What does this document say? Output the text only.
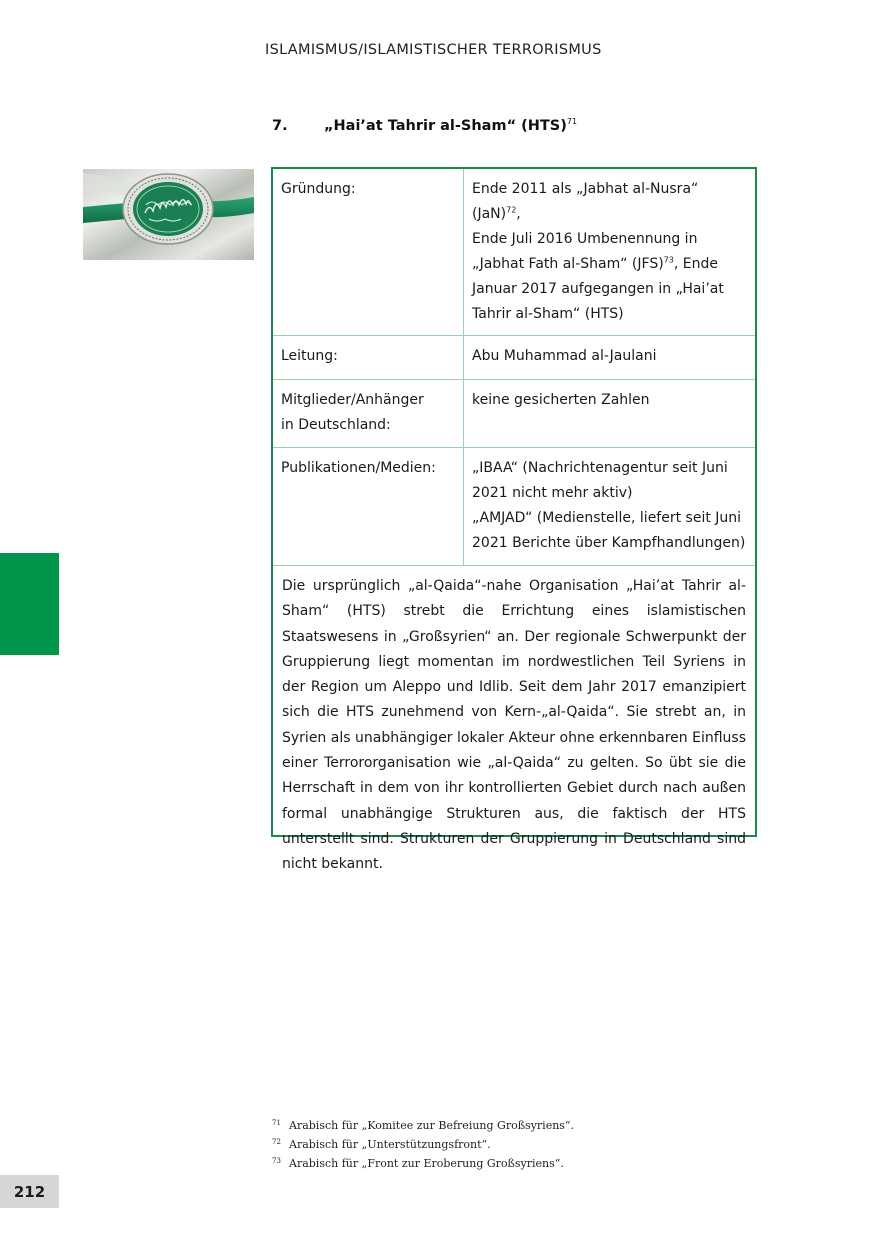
ISLAMISMUS/ISLAMISTISCHER TERRORISMUS
7.	„Hai’at Tahrir al-Sham“ (HTS)$^{71}$
Gründung:	Ende 2011 als „Jabhat al-Nusra“ (JaN)$^{72}$,
Ende Juli 2016 Umbenennung in
„Jabhat Fath al-Sham“ (JFS)$^{73}$, Ende
Januar 2017 aufgegangen in „Hai’at
Tahrir al-Sham“ (HTS)

Leitung:	Abu Muhammad al-Jaulani

Mitglieder/Anhänger
in Deutschland:	keine gesicherten Zahlen
Publikationen/Medien:	„IBAA“ (Nachrichtenagentur seit Juni
2021 nicht mehr aktiv)
„AMJAD“ (Medienstelle, liefert seit Juni
2021 Berichte über Kampfhandlungen)
Die ursprünglich „al-Qaida“-nahe Organisation „Hai’at Tahrir al-Sham“ (HTS) strebt die Errichtung eines islamistischen Staatswesens in „Großsyrien“ an. Der regionale Schwerpunkt der Gruppierung liegt momentan im nordwestlichen Teil Syriens in der Region um Aleppo und Idlib. Seit dem Jahr 2017 emanzipiert sich die HTS zunehmend von Kern-„al-Qaida“. Sie strebt an, in Syrien als unabhängiger lokaler Akteur ohne erkennbaren Einfluss einer Terrororganisation wie „al-Qaida“ zu gelten. So übt sie die Herrschaft in dem von ihr kontrollierten Gebiet durch nach außen formal unabhängige Strukturen aus, die faktisch der HTS unterstellt sind. Strukturen der Gruppierung in Deutschland sind nicht bekannt.
71 Arabisch für „Komitee zur Befreiung Großsyriens“.
72 Arabisch für „Unterstützungsfront“.
73 Arabisch für „Front zur Eroberung Großsyriens“.
212
